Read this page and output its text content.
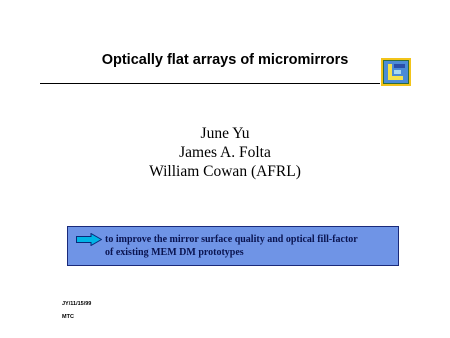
Optically flat arrays of micromirrors
June Yu
James A. Folta
William Cowan (AFRL)
to improve the mirror surface quality and optical fill-factor
of existing MEM DM prototypes
JY/11/15/99
MTC
